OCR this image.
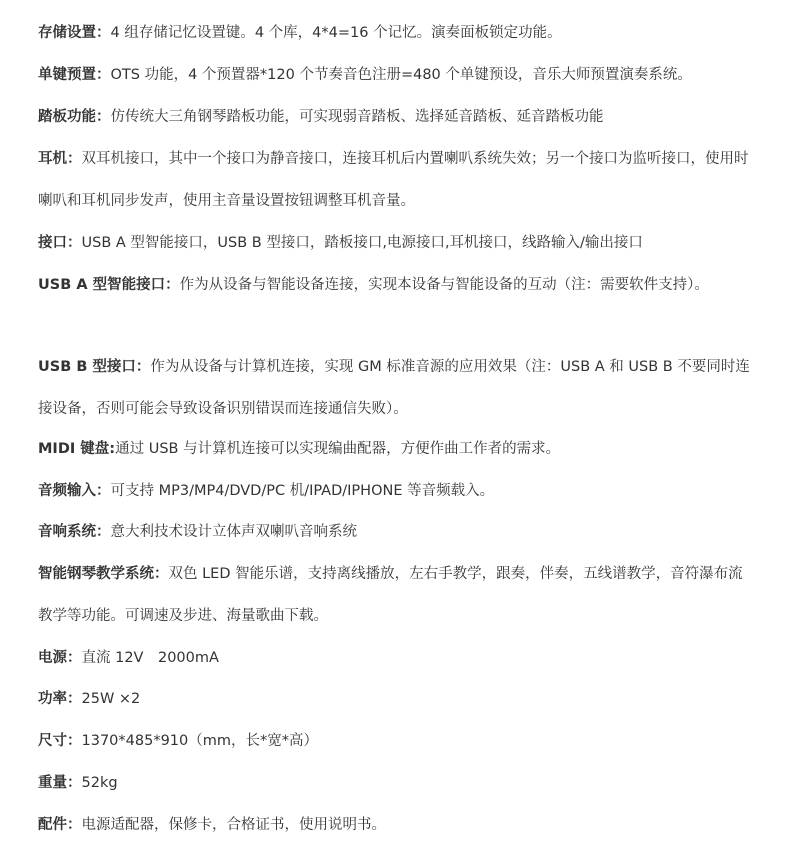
存储设置：4 组存储记忆设置键。4 个库，4*4=16 个记忆。演奏面板锁定功能。

单键预置：OTS 功能，4 个预置器*120 个节奏音色注册=480 个单键预设，音乐大师预置演奏系统。

踏板功能：仿传统大三角钢琴踏板功能，可实现弱音踏板、选择延音踏板、延音踏板功能

耳机：双耳机接口，其中一个接口为静音接口，连接耳机后内置喇叭系统失效；另一个接口为监听接口，使用时喇叭和耳机同步发声，使用主音量设置按钮调整耳机音量。

接口：USB A 型智能接口，USB B 型接口，踏板接口,电源接口,耳机接口，线路输入/输出接口

USB A 型智能接口：作为从设备与智能设备连接，实现本设备与智能设备的互动（注：需要软件支持）。

USB B 型接口：作为从设备与计算机连接，实现 GM 标准音源的应用效果（注：USB A 和 USB B 不要同时连接设备，否则可能会导致设备识别错误而连接通信失败）。

MIDI 键盘:通过 USB 与计算机连接可以实现编曲配器，方便作曲工作者的需求。

音频输入：可支持 MP3/MP4/DVD/PC 机/IPAD/IPHONE 等音频载入。

音响系统：意大利技术设计立体声双喇叭音响系统

智能钢琴教学系统：双色 LED 智能乐谱，支持离线播放，左右手教学，跟奏，伴奏，五线谱教学，音符瀑布流教学等功能。可调速及步进、海量歌曲下载。

电源：直流 12V　2000mA

功率：25W ×2

尺寸：1370*485*910（mm，长*宽*高）

重量：52kg

配件：电源适配器，保修卡，合格证书，使用说明书。
